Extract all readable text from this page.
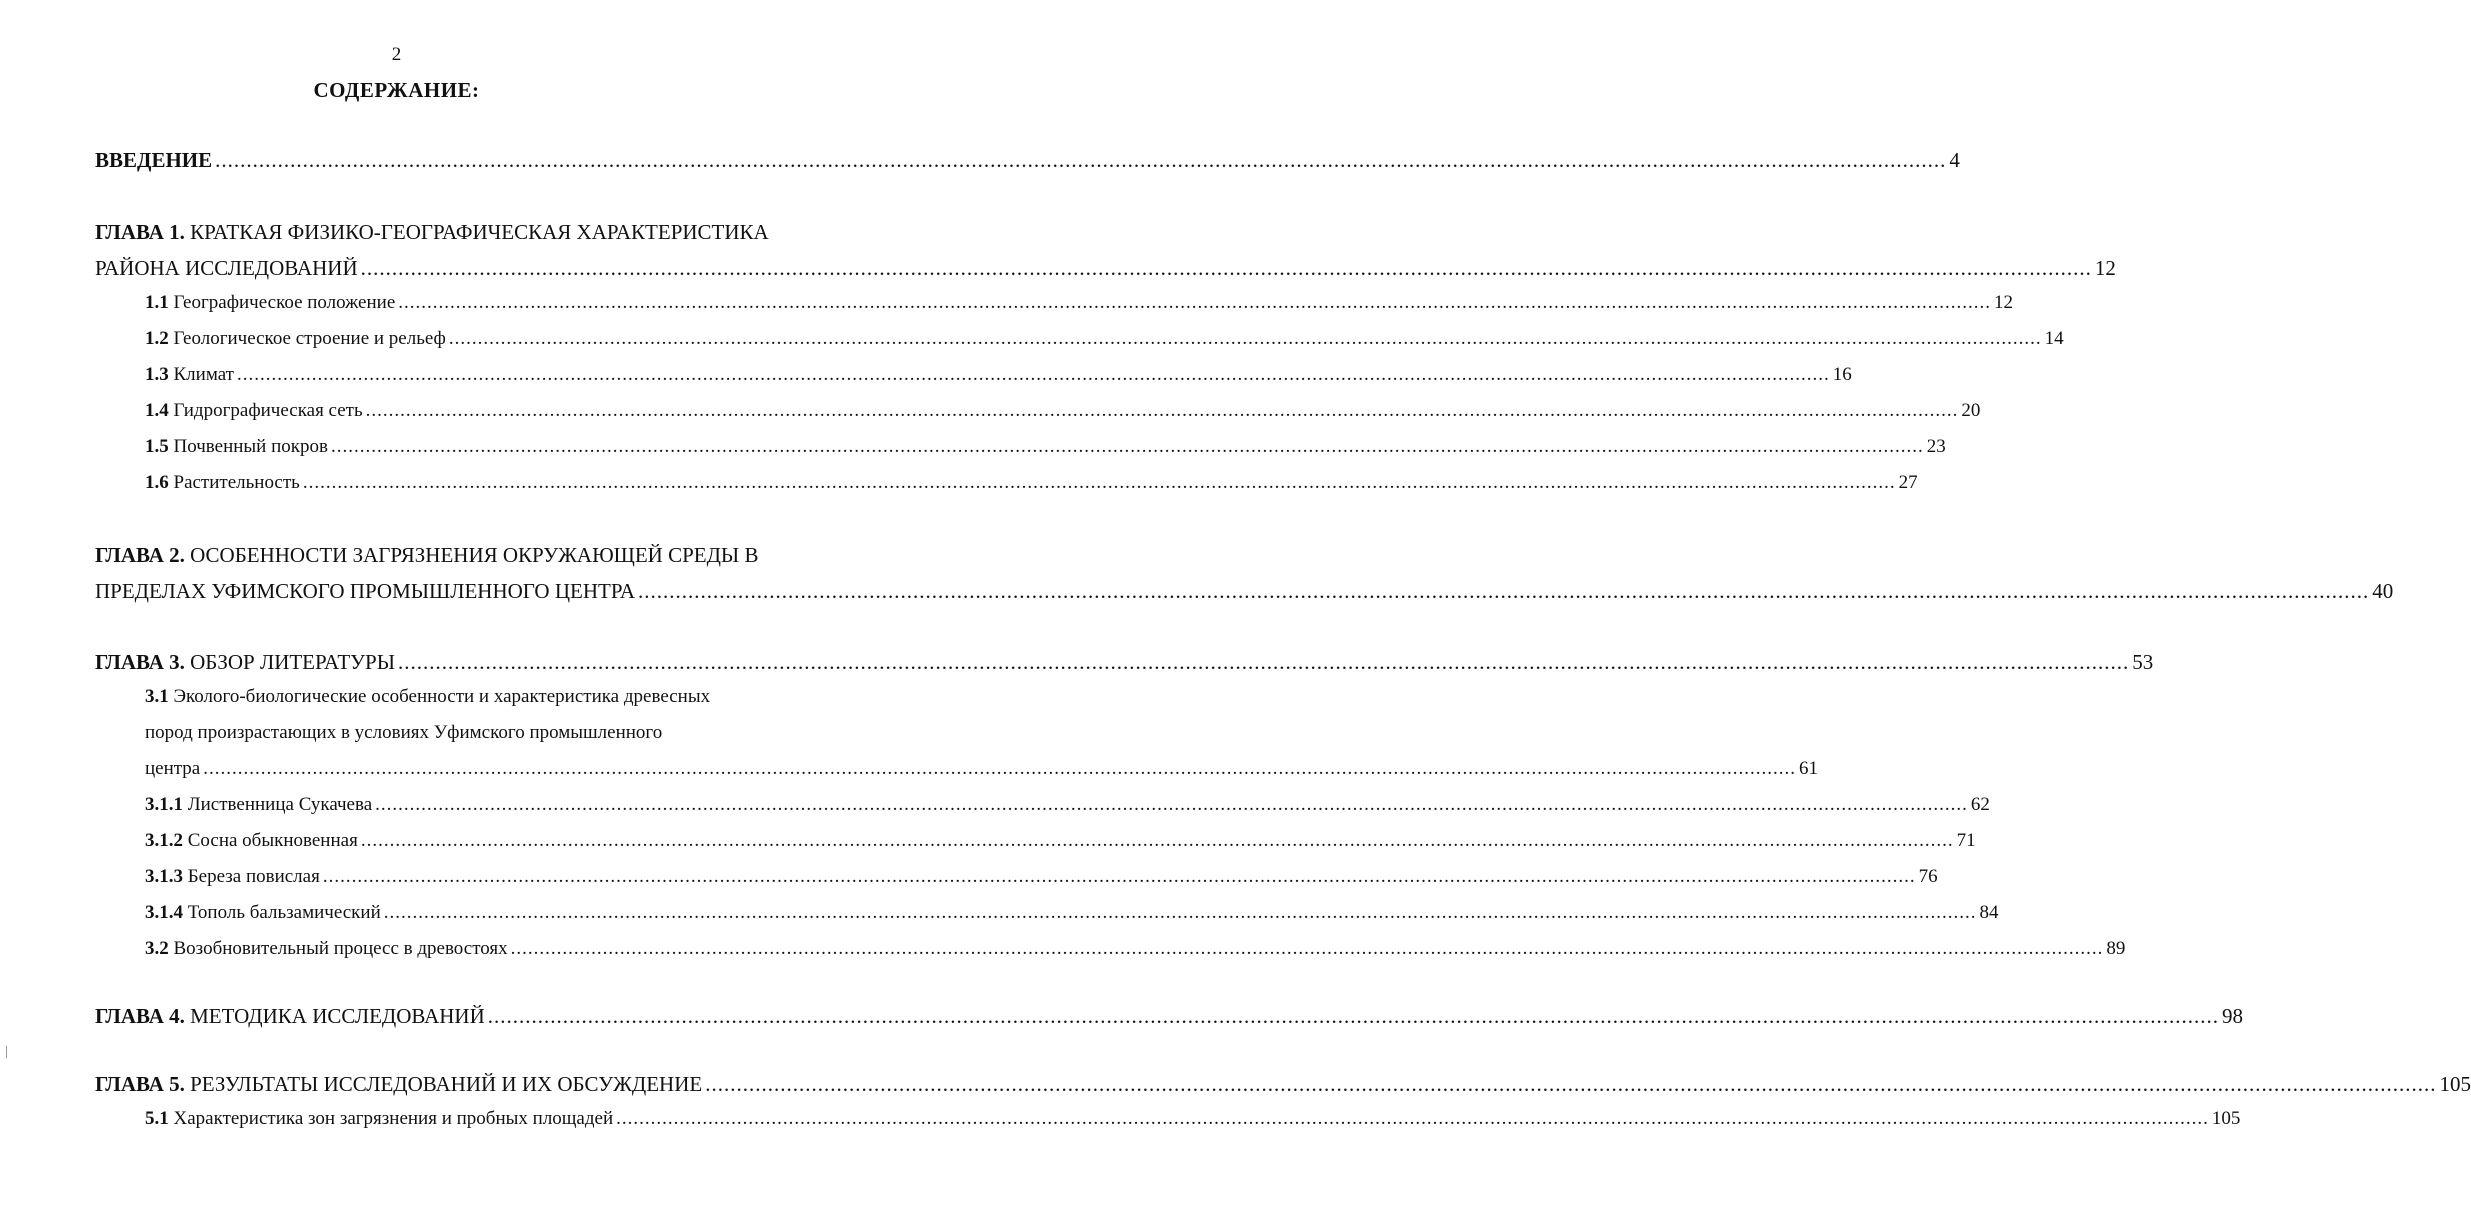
2
СОДЕРЖАНИЕ:
ВВЕДЕНИЕ .....	4
ГЛАВА 1. КРАТКАЯ ФИЗИКО-ГЕОГРАФИЧЕСКАЯ ХАРАКТЕРИСТИКА
РАЙОНА ИССЛЕДОВАНИЙ .....	12
1.1 Географическое положение .....	12
1.2 Геологическое строение и рельеф .....	14
1.3 Климат .....	16
1.4 Гидрографическая сеть .....	20
1.5 Почвенный покров .....	23
1.6 Растительность .....	27
ГЛАВА 2. ОСОБЕННОСТИ ЗАГРЯЗНЕНИЯ ОКРУЖАЮЩЕЙ СРЕДЫ В
ПРЕДЕЛАХ УФИМСКОГО ПРОМЫШЛЕННОГО ЦЕНТРА .....	40
ГЛАВА 3. ОБЗОР ЛИТЕРАТУРЫ .....	53
3.1 Эколого-биологические особенности и характеристика древесных
пород произрастающих в условиях Уфимского промышленного
центра .....	61
3.1.1 Лиственница Сукачева .....	62
3.1.2 Сосна обыкновенная .....	71
3.1.3 Береза повислая .....	76
3.1.4 Тополь бальзамический .....	84
3.2 Возобновительный процесс в древостоях .....	89
ГЛАВА 4. МЕТОДИКА ИССЛЕДОВАНИЙ .....	98
ГЛАВА 5. РЕЗУЛЬТАТЫ ИССЛЕДОВАНИЙ И ИХ ОБСУЖДЕНИЕ .....	105
5.1 Характеристика зон загрязнения и пробных площадей .....	105
